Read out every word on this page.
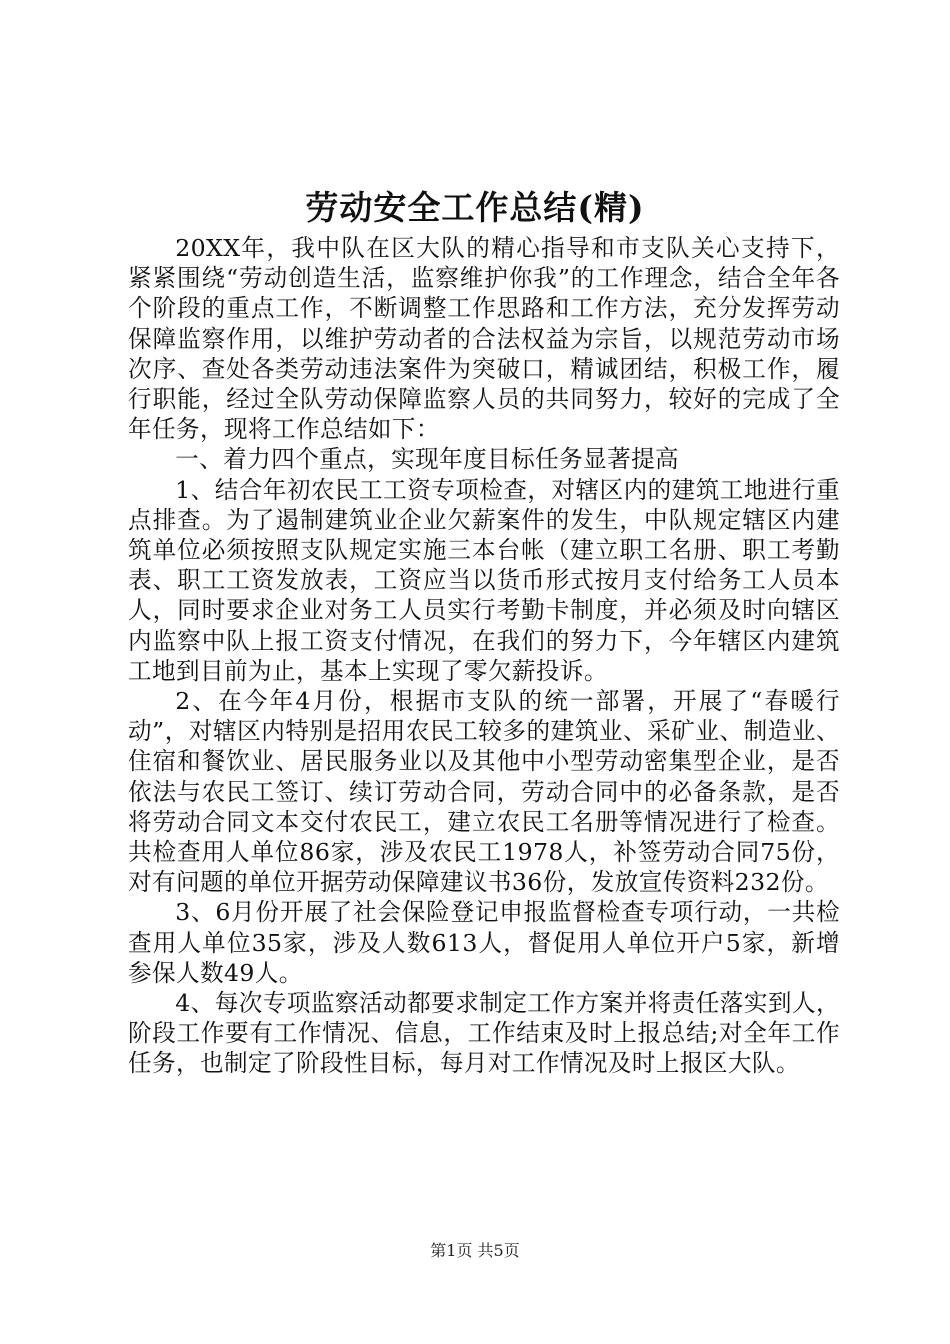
劳动安全工作总结(精)

20XX年，我中队在区大队的精心指导和市支队关心支持下，紧紧围绕“劳动创造生活，监察维护你我”的工作理念，结合全年各个阶段的重点工作，不断调整工作思路和工作方法，充分发挥劳动保障监察作用，以维护劳动者的合法权益为宗旨，以规范劳动市场次序、查处各类劳动违法案件为突破口，精诚团结，积极工作，履行职能，经过全队劳动保障监察人员的共同努力，较好的完成了全年任务，现将工作总结如下：

一、着力四个重点，实现年度目标任务显著提高

1、结合年初农民工工资专项检查，对辖区内的建筑工地进行重点排查。为了遏制建筑业企业欠薪案件的发生，中队规定辖区内建筑单位必须按照支队规定实施三本台帐（建立职工名册、职工考勤表、职工工资发放表，工资应当以货币形式按月支付给务工人员本人，同时要求企业对务工人员实行考勤卡制度，并必须及时向辖区内监察中队上报工资支付情况，在我们的努力下，今年辖区内建筑工地到目前为止，基本上实现了零欠薪投诉。

2、在今年4月份，根据市支队的统一部署，开展了“春暖行动”，对辖区内特别是招用农民工较多的建筑业、采矿业、制造业、住宿和餐饮业、居民服务业以及其他中小型劳动密集型企业，是否依法与农民工签订、续订劳动合同，劳动合同中的必备条款，是否将劳动合同文本交付农民工，建立农民工名册等情况进行了检查。共检查用人单位86家，涉及农民工1978人，补签劳动合同75份，对有问题的单位开据劳动保障建议书36份，发放宣传资料232份。

3、6月份开展了社会保险登记申报监督检查专项行动，一共检查用人单位35家，涉及人数613人，督促用人单位开户5家，新增参保人数49人。

4、每次专项监察活动都要求制定工作方案并将责任落实到人，阶段工作要有工作情况、信息，工作结束及时上报总结;对全年工作任务，也制定了阶段性目标，每月对工作情况及时上报区大队。

第1页 共5页
